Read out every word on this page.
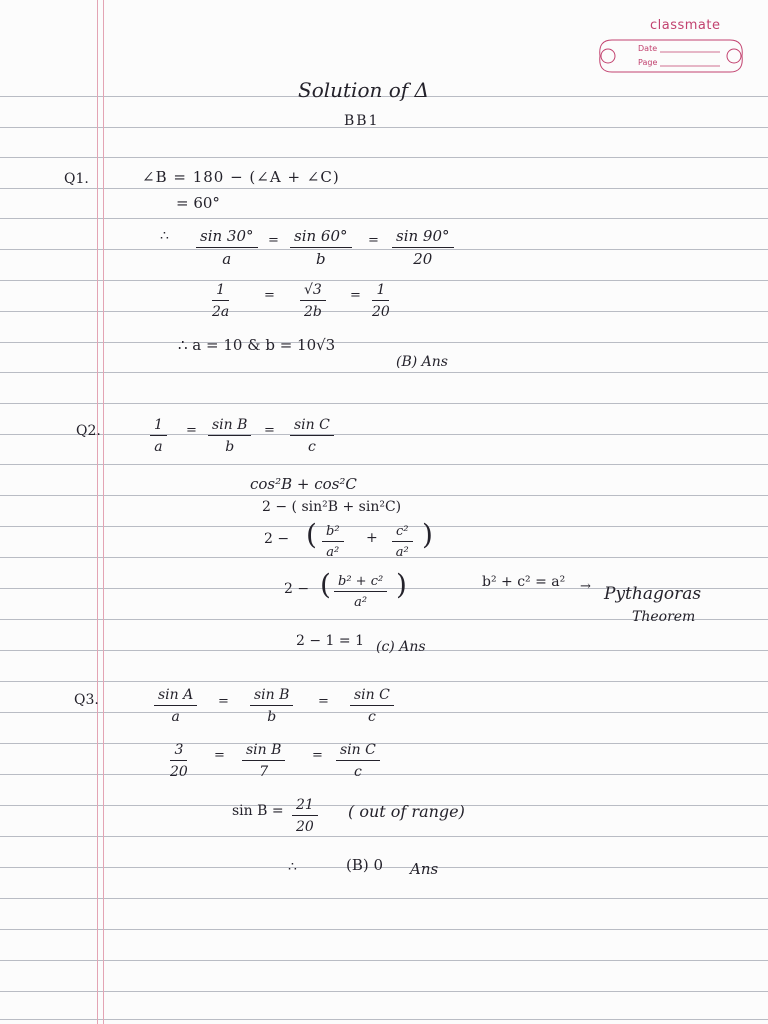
classmate
Date
Page
Solution of Δ
BB1
Q1.	∠B = 180 − (∠A + ∠C)
= 60°
∴ $\frac{\sin 30^\circ}{a} = \frac{\sin 60^\circ}{b} = \frac{\sin 90^\circ}{20}$
$\frac{1}{2a}$	= $\frac{√3}{2b} = \frac{1}{20}$
∴ a = 10 & b = 10√3
(B) Ans
Q2.	$\frac{1}{a} = \frac{\text{sin B}}{b} = \frac{\text{sin C}}{c}$
cos²B + cos²C
2 − ( sin²B + sin²C)
2 − ( $\frac{\text{b²}}{\text{a²}} + \frac{\text{c²}}{\text{a²}}$ )
2 − ( $\frac{\text{b² + c²}}{\text{a²}}$ )	b² + c² = a² → Pythagoras
Theorem
2 − 1 = 1 (c) Ans
Q3.	$\frac{\text{sin A}}{a} = \frac{\text{sin B}}{b} = \frac{\text{sin C}}{c}$
$\frac{3}{20} = \frac{\text{sin B}}{7} = \frac{\text{sin C}}{c}$
$\sin B = \frac{21}{20}$ ( out of range)
∴	(B) 0 Ans
